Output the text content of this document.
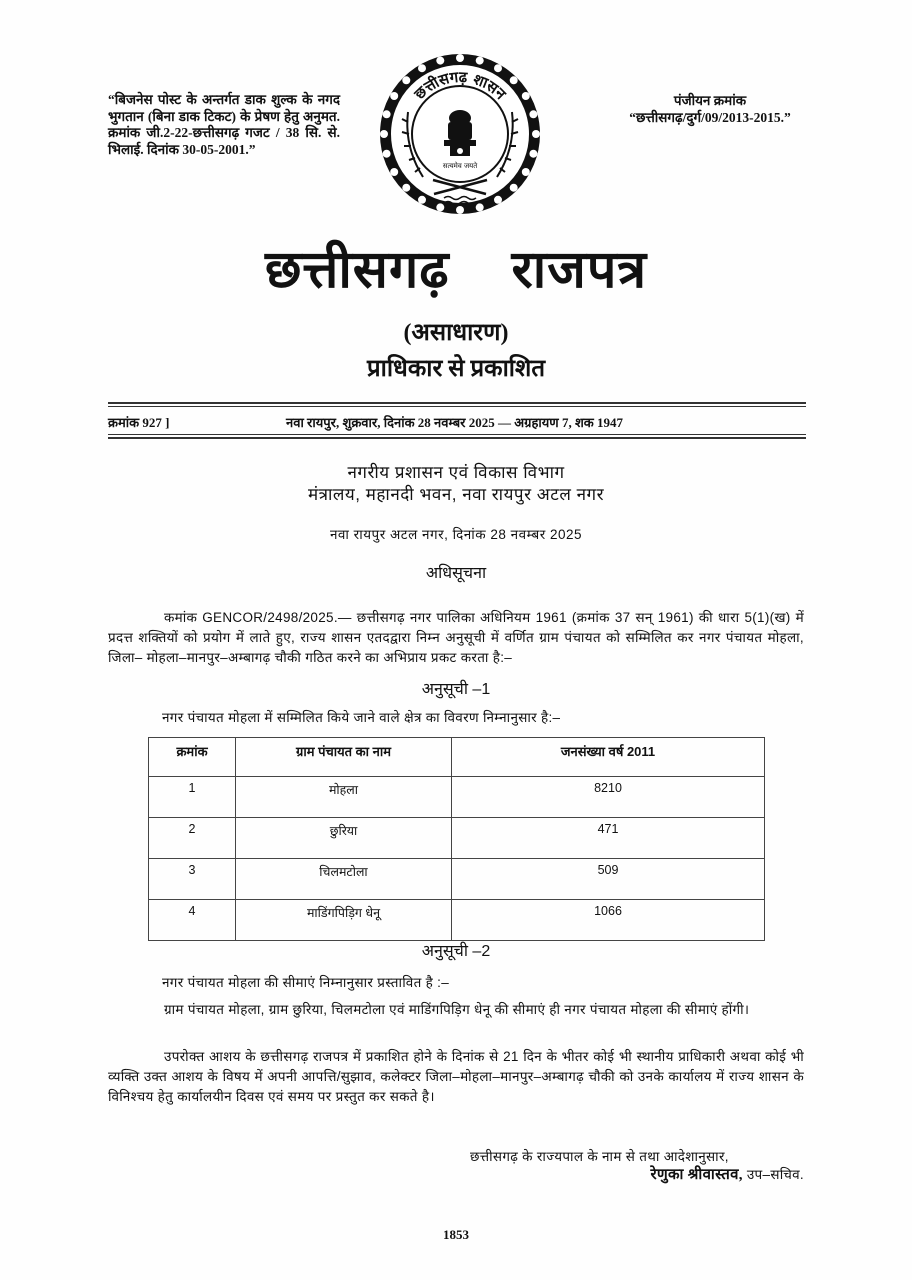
“बिजनेस पोस्ट के अन्तर्गत डाक शुल्क के नगद भुगतान (बिना डाक टिकट) के प्रेषण हेतु अनुमत. क्रमांक जी.2-22-छत्तीसगढ़ गजट / 38 सि. से. भिलाई. दिनांक 30-05-2001.”
पंजीयन क्रमांक
“छत्तीसगढ़/दुर्ग/09/2013-2015.”
छत्तीसगढ़ शासन
सत्यमेव जयते
छत्तीसगढ़ राजपत्र
(असाधारण)
प्राधिकार से प्रकाशित
क्रमांक 927 ]	नवा रायपुर, शुक्रवार, दिनांक 28 नवम्बर 2025 — अग्रहायण 7, शक 1947
नगरीय प्रशासन एवं विकास विभाग
मंत्रालय, महानदी भवन, नवा रायपुर अटल नगर
नवा रायपुर अटल नगर, दिनांक 28 नवम्बर 2025
अधिसूचना
कमांक GENCOR/2498/2025.— छत्तीसगढ़ नगर पालिका अधिनियम 1961 (क्रमांक 37 सन् 1961) की धारा 5(1)(ख) में प्रदत्त शक्तियों को प्रयोग में लाते हुए, राज्य शासन एतदद्वारा निम्न अनुसूची में वर्णित ग्राम पंचायत को सम्मिलित कर नगर पंचायत मोहला, जिला– मोहला–मानपुर–अम्बागढ़ चौकी गठित करने का अभिप्राय प्रकट करता है:–
अनुसूची –1
नगर पंचायत मोहला में सम्मिलित किये जाने वाले क्षेत्र का विवरण निम्नानुसार है:–
क्रमांक	ग्राम पंचायत का नाम	जनसंख्या वर्ष 2011
1	मोहला	8210
2	छुरिया	471
3	चिलमटोला	509
4	माडिंगपिड़िग धेनू	1066
अनुसूची –2
नगर पंचायत मोहला की सीमाएं निम्नानुसार प्रस्तावित है :–
ग्राम पंचायत मोहला, ग्राम छुरिया, चिलमटोला एवं माडिंगपिड़िग धेनू की सीमाएं ही नगर पंचायत मोहला की सीमाएं होंगी।
उपरोक्त आशय के छत्तीसगढ़ राजपत्र में प्रकाशित होने के दिनांक से 21 दिन के भीतर कोई भी स्थानीय प्राधिकारी अथवा कोई भी व्यक्ति उक्त आशय के विषय में अपनी आपत्ति/सुझाव, कलेक्टर जिला–मोहला–मानपुर–अम्बागढ़ चौकी को उनके कार्यालय में राज्य शासन के विनिश्चय हेतु कार्यालयीन दिवस एवं समय पर प्रस्तुत कर सकते है।
छत्तीसगढ़ के राज्यपाल के नाम से तथा आदेशानुसार,
रेणुका श्रीवास्तव, उप–सचिव.
1853
